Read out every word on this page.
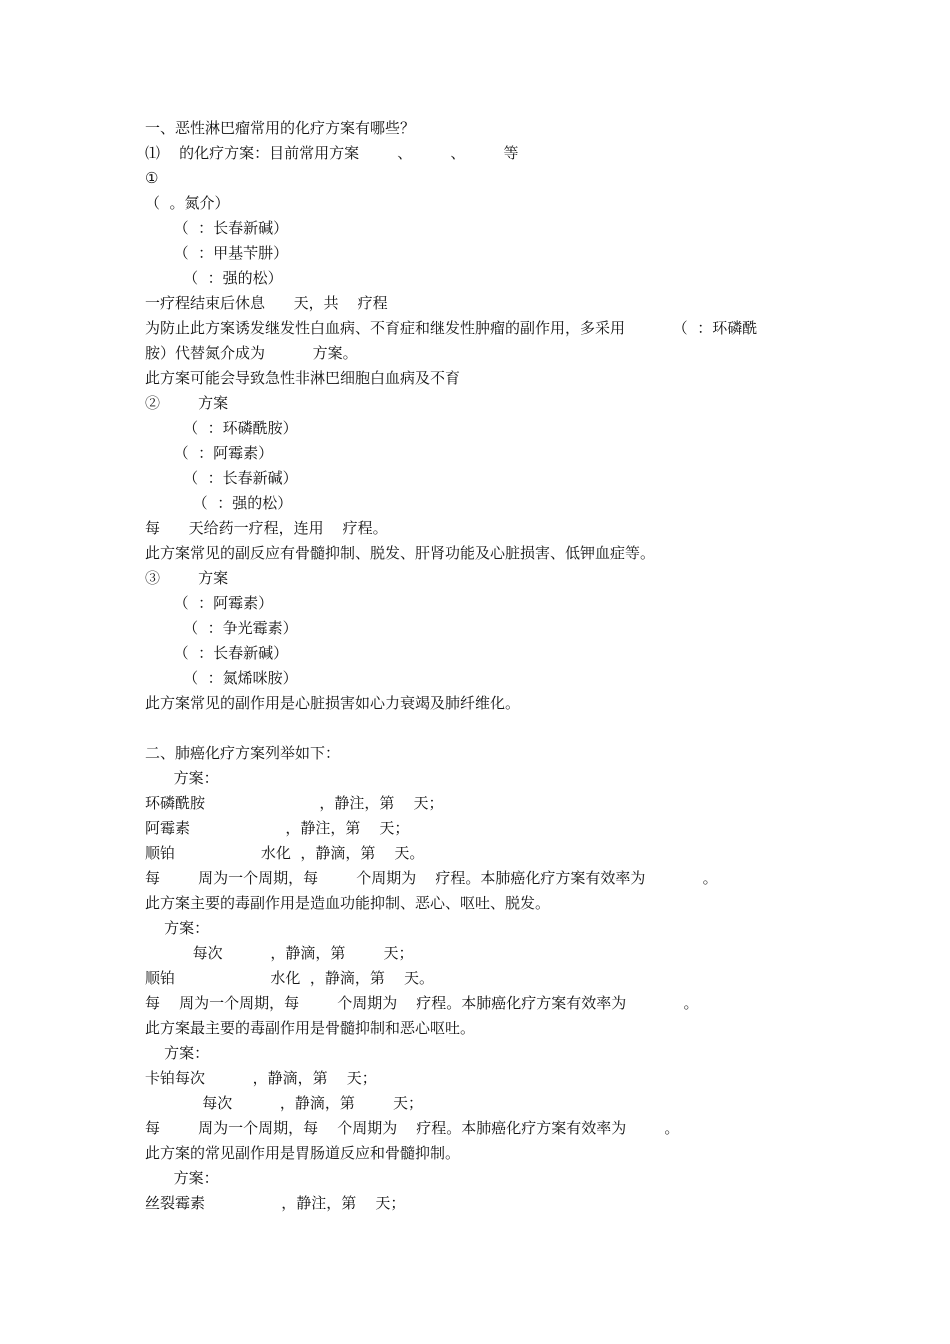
一、恶性淋巴瘤常用的化疗方案有哪些？
⑴    的化疗方案：目前常用方案        、        、        等
①
（  。氮介）
（  ：长春新碱）
（  ：甲基苄肼）
（  ：强的松）
一疗程结束后休息      天，共    疗程
为防止此方案诱发继发性白血病、不育症和继发性肿瘤的副作用，多采用          （  ：环磷酰
胺）代替氮介成为          方案。
此方案可能会导致急性非淋巴细胞白血病及不育
②        方案
（  ：环磷酰胺）
（  ：阿霉素）
（  ：长春新碱）
（  ：强的松）
每      天给药一疗程，连用    疗程。
此方案常见的副反应有骨髓抑制、脱发、肝肾功能及心脏损害、低钾血症等。
③        方案
（  ：阿霉素）
（  ：争光霉素）
（  ：长春新碱）
（  ：氮烯咪胺）
此方案常见的副作用是心脏损害如心力衰竭及肺纤维化。
二、肺癌化疗方案列举如下：
方案：
环磷酰胺                        ，静注，第    天；
阿霉素                    ，静注，第    天；
顺铂                  水化  ，静滴，第    天。
每        周为一个周期，每        个周期为    疗程。本肺癌化疗方案有效率为            。
此方案主要的毒副作用是造血功能抑制、恶心、呕吐、脱发。
方案：
每次          ，静滴，第        天；
顺铂                    水化  ，静滴，第    天。
每    周为一个周期，每        个周期为    疗程。本肺癌化疗方案有效率为            。
此方案最主要的毒副作用是骨髓抑制和恶心呕吐。
方案：
卡铂每次          ，静滴，第    天；
每次          ，静滴，第        天；
每        周为一个周期，每    个周期为    疗程。本肺癌化疗方案有效率为        。
此方案的常见副作用是胃肠道反应和骨髓抑制。
方案：
丝裂霉素                ，静注，第    天；
